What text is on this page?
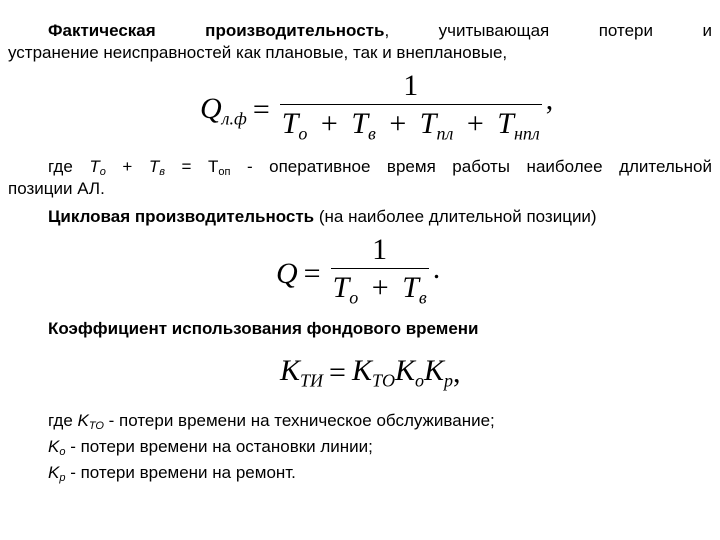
Фактическая производительность, учитывающая потери и

устранение неисправностей как плановые, так и внеплановые,

$Q_{л.ф} = \frac{1}{T_о + T_в + T_{пл} + T_{нпл}}$ ,

где То + Тв = Топ - оперативное время работы наиболее длительной

позиции АЛ.

Цикловая производительность (на наиболее длительной позиции)

$Q = \frac{1}{T_о + T_в}$ .

Коэффициент использования фондового времени

$K_{ТИ} = K_{ТО}$ $K_о$ $K_р$ ,

где KТО - потери времени на техническое обслуживание;

Kо - потери времени на остановки линии;

Kр - потери времени на ремонт.
